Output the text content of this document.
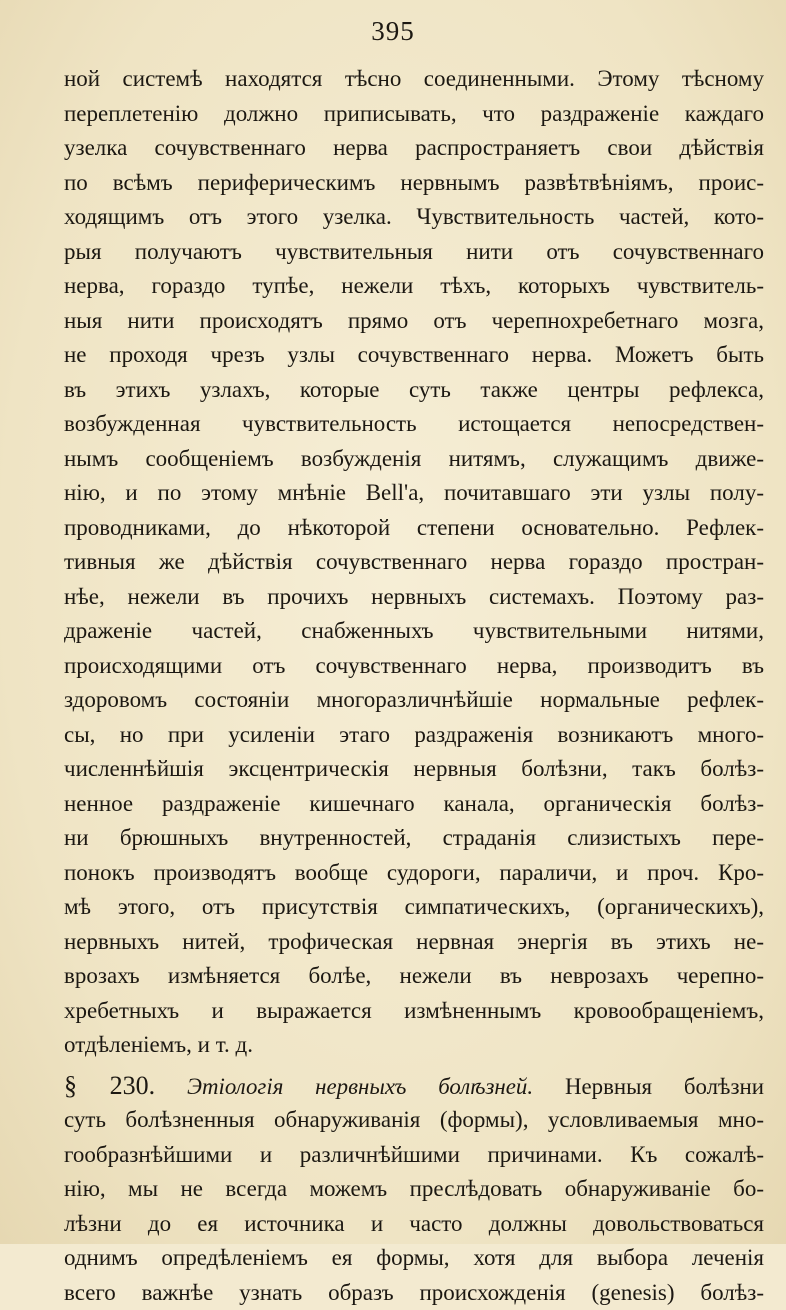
395
ной системѣ находятся тѣсно соединенными. Этому тѣсному
переплетенію должно приписывать, что раздраженіе каждаго
узелка сочувственнаго нерва распространяетъ свои дѣйствія
по всѣмъ периферическимъ нервнымъ развѣтвѣніямъ, проис-
ходящимъ отъ этого узелка. Чувствительность частей, кото-
рыя получаютъ чувствительныя нити отъ сочувственнаго
нерва, гораздо тупѣе, нежели тѣхъ, которыхъ чувствитель-
ныя нити происходятъ прямо отъ черепнохребетнаго мозга,
не проходя чрезъ узлы сочувственнаго нерва. Можетъ быть
въ этихъ узлахъ, которые суть также центры рефлекса,
возбужденная чувствительность истощается непосредствен-
нымъ сообщеніемъ возбужденія нитямъ, служащимъ движе-
нію, и по этому мнѣніе Bell'а, почитавшаго эти узлы полу-
проводниками, до нѣкоторой степени основательно. Рефлек-
тивныя же дѣйствія сочувственнаго нерва гораздо простран-
нѣе, нежели въ прочихъ нервныхъ системахъ. Поэтому раз-
драженіе частей, снабженныхъ чувствительными нитями,
происходящими отъ сочувственнаго нерва, производитъ въ
здоровомъ состояніи многоразличнѣйшіе нормальные рефлек-
сы, но при усиленіи этаго раздраженія возникаютъ много-
численнѣйшія эксцентрическія нервныя болѣзни, такъ болѣз-
ненное раздраженіе кишечнаго канала, органическія болѣз-
ни брюшныхъ внутренностей, страданія слизистыхъ пере-
понокъ производятъ вообще судороги, параличи, и проч. Кро-
мѣ этого, отъ присутствія симпатическихъ, (органическихъ),
нервныхъ нитей, трофическая нервная энергія въ этихъ не-
врозахъ измѣняется болѣе, нежели въ неврозахъ черепно-
хребетныхъ и выражается измѣненнымъ кровообращеніемъ,
отдѣленіемъ, и т. д.
§ 230. Этіологія нервныхъ болѣзней. Нервныя болѣзни
суть болѣзненныя обнаруживанія (формы), условливаемыя мно-
гообразнѣйшими и различнѣйшими причинами. Къ сожалѣ-
нію, мы не всегда можемъ преслѣдовать обнаруживаніе бо-
лѣзни до ея источника и часто должны довольствоваться
однимъ опредѣленіемъ ея формы, хотя для выбора леченія
всего важнѣе узнать образъ происхожденія (genesis) болѣз-
